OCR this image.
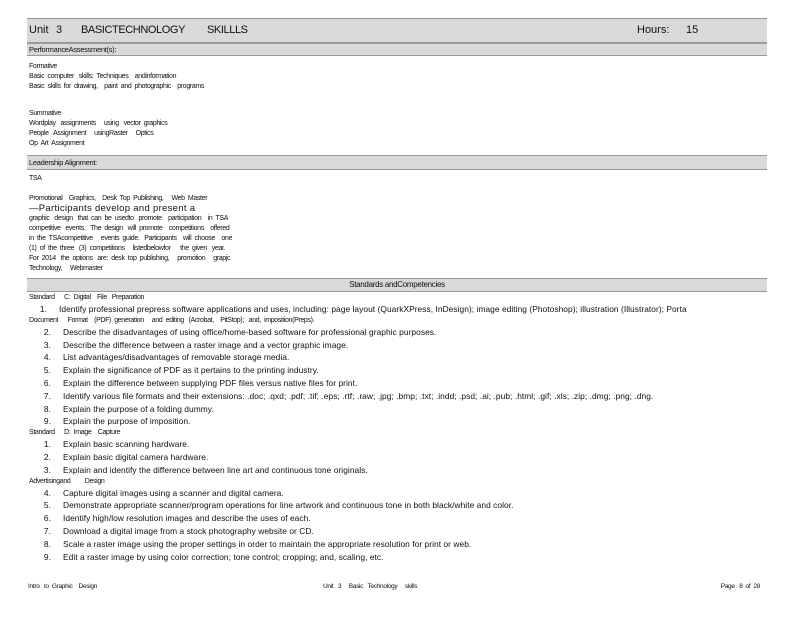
Unit 3 BASICTECHNOLOGY SKILLLS	Hours: 15
PerformanceAssessment(s):
Formative
Basic  computer   skills:  Techniques    andinformation
Basic  skills  for  drawing,    paint  and  photographic    programs
Summative
Wordplay   assignments     using   vector  graphics
People   Assignment     usingRaster     Optics
Op  Art  Assignment
Leadership Alignment:
TSA
Promotional    Graphics,    Desk  Top  Publishing,     Web  Master
—Participants develop and present a
graphic   design   that  can  be  usedto   promote    participation    in  TSA
competitive   events.   The  design   will  promote    competitions    offered
in  the  TSAcompetitive     events  guide.   Participants    will  choose    one
(1)  of  the  three   (3)  competitions     listedbelowfor      the  given   year.
For  2014   the  options   are:  desk  top  publishing,     promotion     grapjc
Technology,     Webmaster
Standards andCompetencies
Standard      C:  Digital    File   Preparation
1. Identify professional prepress software applications and uses, including: page layout (QuarkXPress, InDesign); image editing (Photoshop); illustration (Illustrator); Porta
Document      Format    (PDF)  generation     and  editing   (Acrobat,    PitStop);   and,  imposition(Preps).
2. Describe the disadvantages of using office/home-based software for professional graphic purposes.
3. Describe the difference between a raster image and a vector graphic image.
4. List advantages/disadvantages of removable storage media.
5. Explain the significance of PDF as it pertains to the printing industry.
6. Explain the difference between supplying PDF files versus native files for print.
7. Identify various file formats and their extensions: .doc; .qxd; .pdf; .tif; .eps; .rtf; .raw; .jpg; .bmp; .txt; .indd; .psd; .ai; .pub; .html; .gif; .xls; .zip; .dmg; .png; .dng.
8. Explain the purpose of a folding dummy.
9. Explain the purpose of imposition.
Standard      D:  Image    Capture
1. Explain basic scanning hardware.
2. Explain basic digital camera hardware.
3. Explain and identify the difference between line art and continuous tone originals.
Advertisingand         Design
4. Capture digital images using a scanner and digital camera.
5. Demonstrate appropriate scanner/program operations for line artwork and continuous tone in both black/white and color.
6. Identify high/low resolution images and describe the uses of each.
7. Download a digital image from a stock photography website or CD.
8. Scale a raster image using the proper settings in order to maintain the appropriate resolution for print or web.
9. Edit a raster image by using color correction; tone control; cropping; and, scaling, etc.
Intro   to  Graphic    Design	Unit   3     Basic   Technology     skills	Page   8  of  28
